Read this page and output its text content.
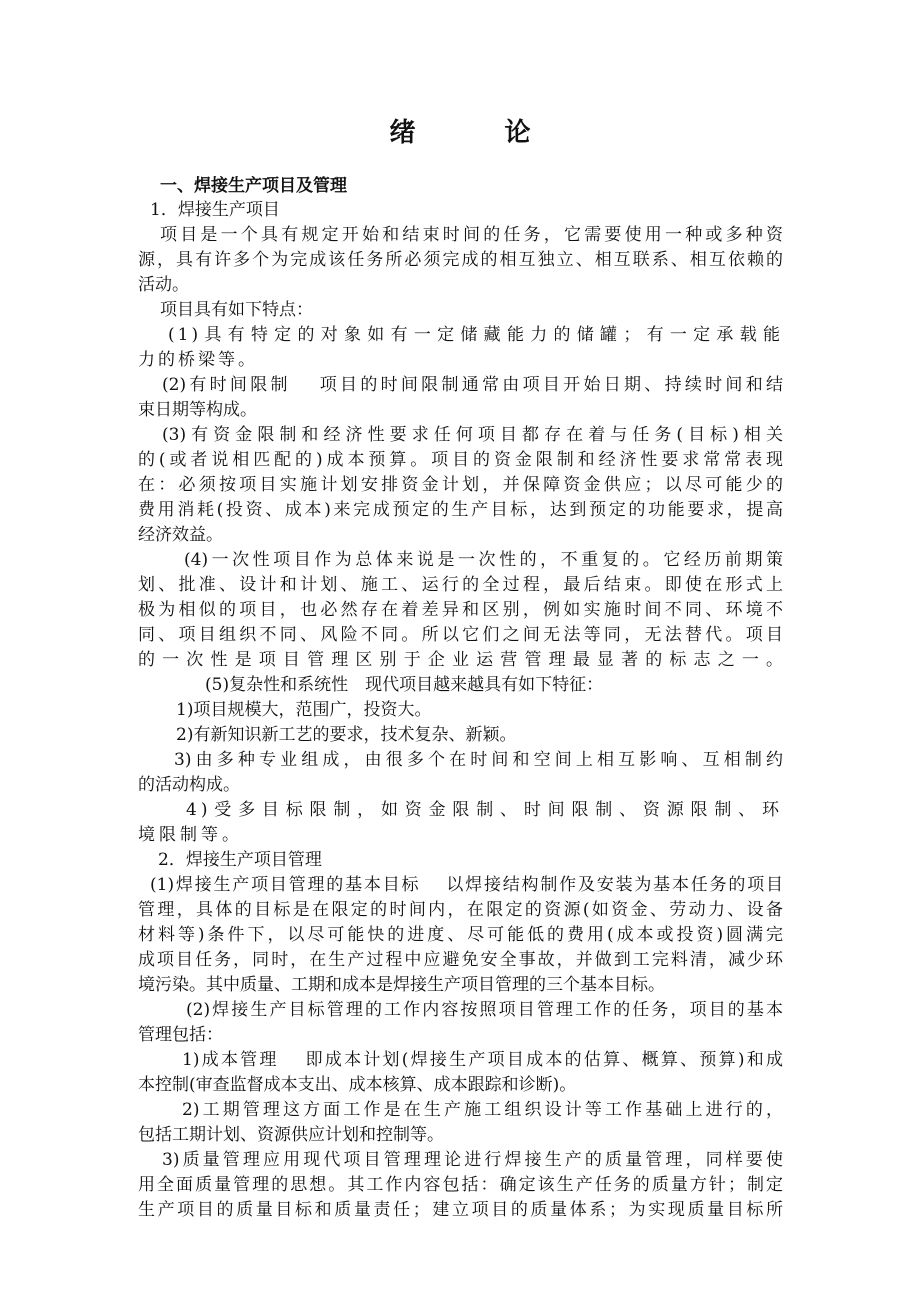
绪 论
一、焊接生产项目及管理
1．焊接生产项目
项目是一个具有规定开始和结束时间的任务，它需要使用一种或多种资
源，具有许多个为完成该任务所必须完成的相互独立、相互联系、相互依赖的
活动。
项目具有如下特点：
(1)具有特定的对象如有一定储藏能力的储罐；有一定承载能
力的桥梁等。
(2)有时间限制　 项目的时间限制通常由项目开始日期、持续时间和结
束日期等构成。
(3)有资金限制和经济性要求任何项目都存在着与任务(目标)相关
的(或者说相匹配的)成本预算。项目的资金限制和经济性要求常常表现
在：必须按项目实施计划安排资金计划，并保障资金供应；以尽可能少的
费用消耗(投资、成本)来完成预定的生产目标，达到预定的功能要求，提高
经济效益。
(4)一次性项目作为总体来说是一次性的，不重复的。它经历前期策
划、批准、设计和计划、施工、运行的全过程，最后结束。即使在形式上
极为相似的项目，也必然存在着差异和区别，例如实施时间不同、环境不
同、项目组织不同、风险不同。所以它们之间无法等同，无法替代。项目
的一次性是项目管理区别于企业运营管理最显著的标志之一。
(5)复杂性和系统性　现代项目越来越具有如下特征：
1)项目规模大，范围广，投资大。
2)有新知识新工艺的要求，技术复杂、新颖。
3)由多种专业组成，由很多个在时间和空间上相互影响、互相制约
的活动构成。
4)受多目标限制，如资金限制、时间限制、资源限制、环
境限制等。
2．焊接生产项目管理
(1)焊接生产项目管理的基本目标　 以焊接结构制作及安装为基本任务的项目
管理，具体的目标是在限定的时间内，在限定的资源(如资金、劳动力、设备
材料等)条件下，以尽可能快的进度、尽可能低的费用(成本或投资)圆满完
成项目任务，同时，在生产过程中应避免安全事故，并做到工完料清，减少环
境污染。其中质量、工期和成本是焊接生产项目管理的三个基本目标。
(2)焊接生产目标管理的工作内容按照项目管理工作的任务，项目的基本
管理包括：
1)成本管理　 即成本计划(焊接生产项目成本的估算、概算、预算)和成
本控制(审查监督成本支出、成本核算、成本跟踪和诊断)。
2)工期管理这方面工作是在生产施工组织设计等工作基础上进行的，
包括工期计划、资源供应计划和控制等。
3)质量管理应用现代项目管理理论进行焊接生产的质量管理，同样要使
用全面质量管理的思想。其工作内容包括：确定该生产任务的质量方针；制定
生产项目的质量目标和质量责任；建立项目的质量体系；为实现质量目标所
